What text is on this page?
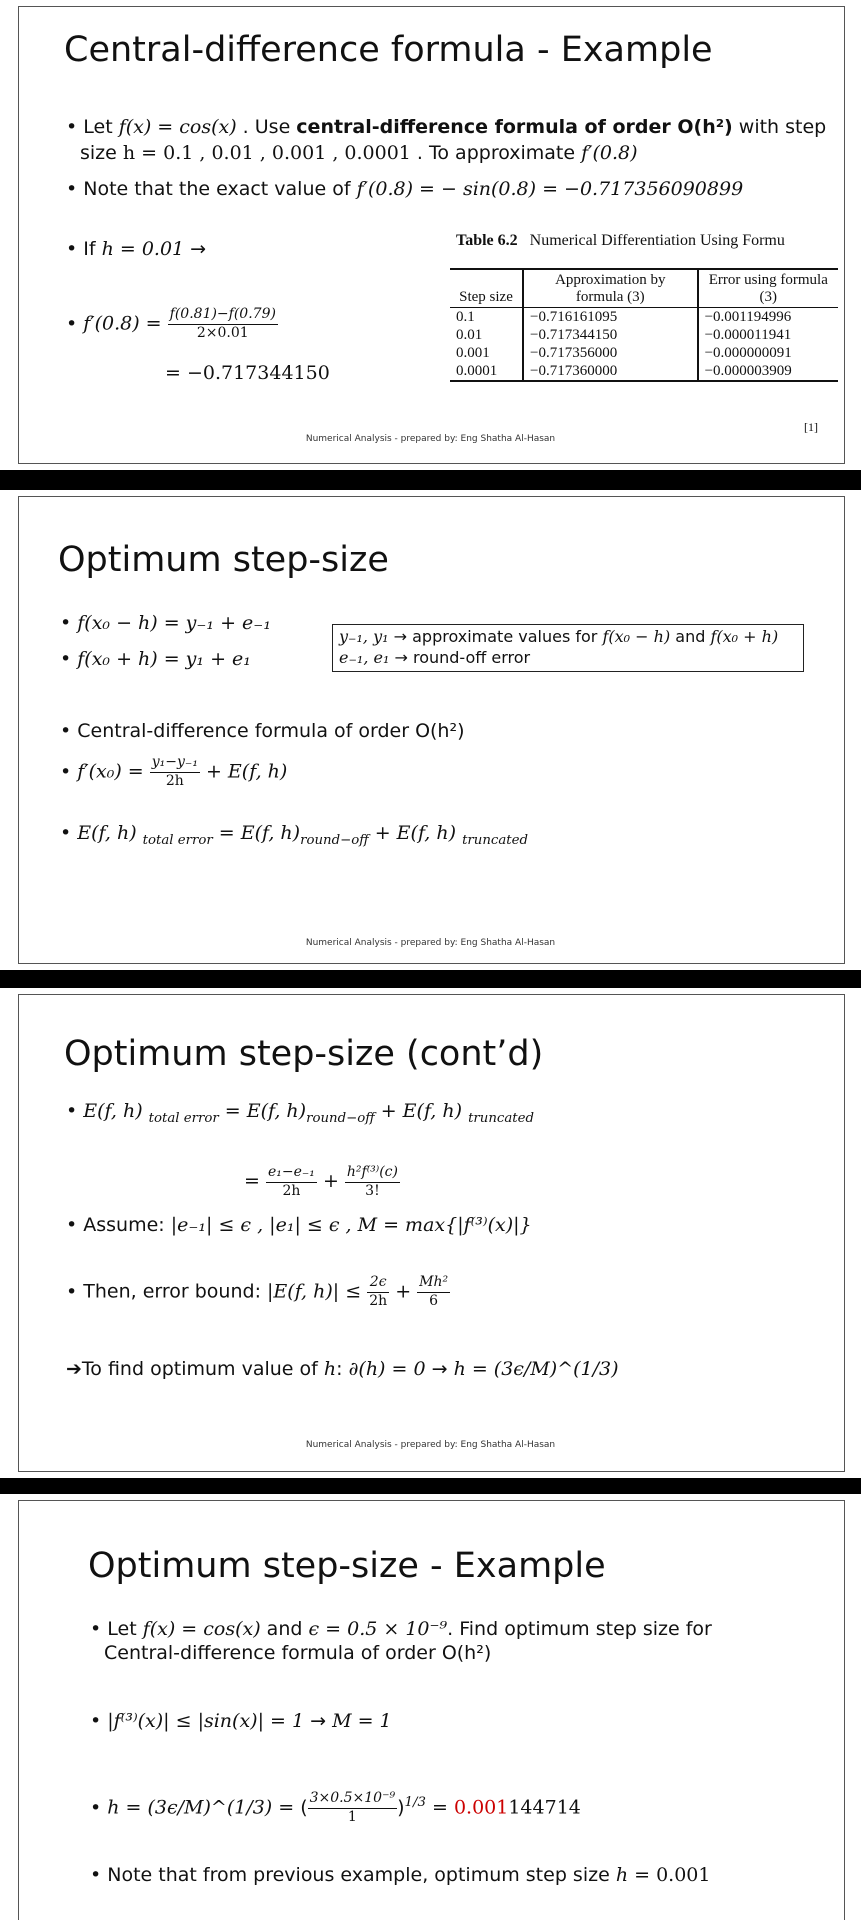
Central-difference formula - Example
• Let f(x) = cos(x) . Use central-difference formula of order O(h²) with step
size h = 0.1 , 0.01 , 0.001 , 0.0001 . To approximate f′(0.8)
• Note that the exact value of f′(0.8) = − sin(0.8) = −0.717356090899
• If h = 0.01 →
• $f'(0.8) = \frac{f(0.81)-f(0.79)}{2\times 0.01}$
= −0.717344150
Table 6.2 Numerical Differentiation Using Formu
Step size	Approximation by formula (3)	Error using formula (3)
0.1	−0.716161095	−0.001194996
0.01	−0.717344150	−0.000011941
0.001	−0.717356000	−0.000000091
0.0001	−0.717360000	−0.000003909
[1]
Numerical Analysis - prepared by: Eng Shatha Al-Hasan
Optimum step-size
• f(x₀ − h) = y₋₁ + e₋₁
• f(x₀ + h) = y₁ + e₁
y₋₁, y₁ → approximate values for f(x₀ − h) and f(x₀ + h)
e₋₁, e₁ → round-off error
• Central-difference formula of order O(h²)
• $f'(x_0) = \frac{\text{y₁−y₋₁}}{2h} + E(f$, h)
• E(f, h) $_{total error}$ = E(f, $h)_{round-off} + E(f$, h) $_{truncated}$
Numerical Analysis - prepared by: Eng Shatha Al-Hasan
Optimum step-size (cont’d)
• E(f, h) $_{total error}$ = E(f, $h)_{round-off} + E(f$, h) $_{truncated}$
= $\frac{\text{e₁−e₋₁}}{2h} + \frac{\text{h²f⁽³⁾(c)}}{3!}$
• Assume: |e₋₁| ≤ ϵ , |e₁| ≤ ϵ , M = max{|f⁽³⁾(x)|}
• Then, error bound: |E(f, $h)| \le \frac{2\epsilon}{2h} + \frac{\text{Mh²}}{6}$
➔To find optimum value of h: ∂(h) = 0 → h = (3ϵ/M)^(1/3)
Numerical Analysis - prepared by: Eng Shatha Al-Hasan
Optimum step-size - Example
• Let f(x) = cos(x) and ϵ = 0.5 × 10⁻⁹. Find optimum step size for
Central-difference formula of order O(h²)
• |f⁽³⁾(x)| ≤ |sin(x)| = 1 → M = 1
• h = (3ϵ/M)^(1/3) = ( $\frac{\text{3×0.5×10⁻⁹}}{1} )^{1/3} = 0.001144714$
• Note that from previous example, optimum step size h = 0.001
